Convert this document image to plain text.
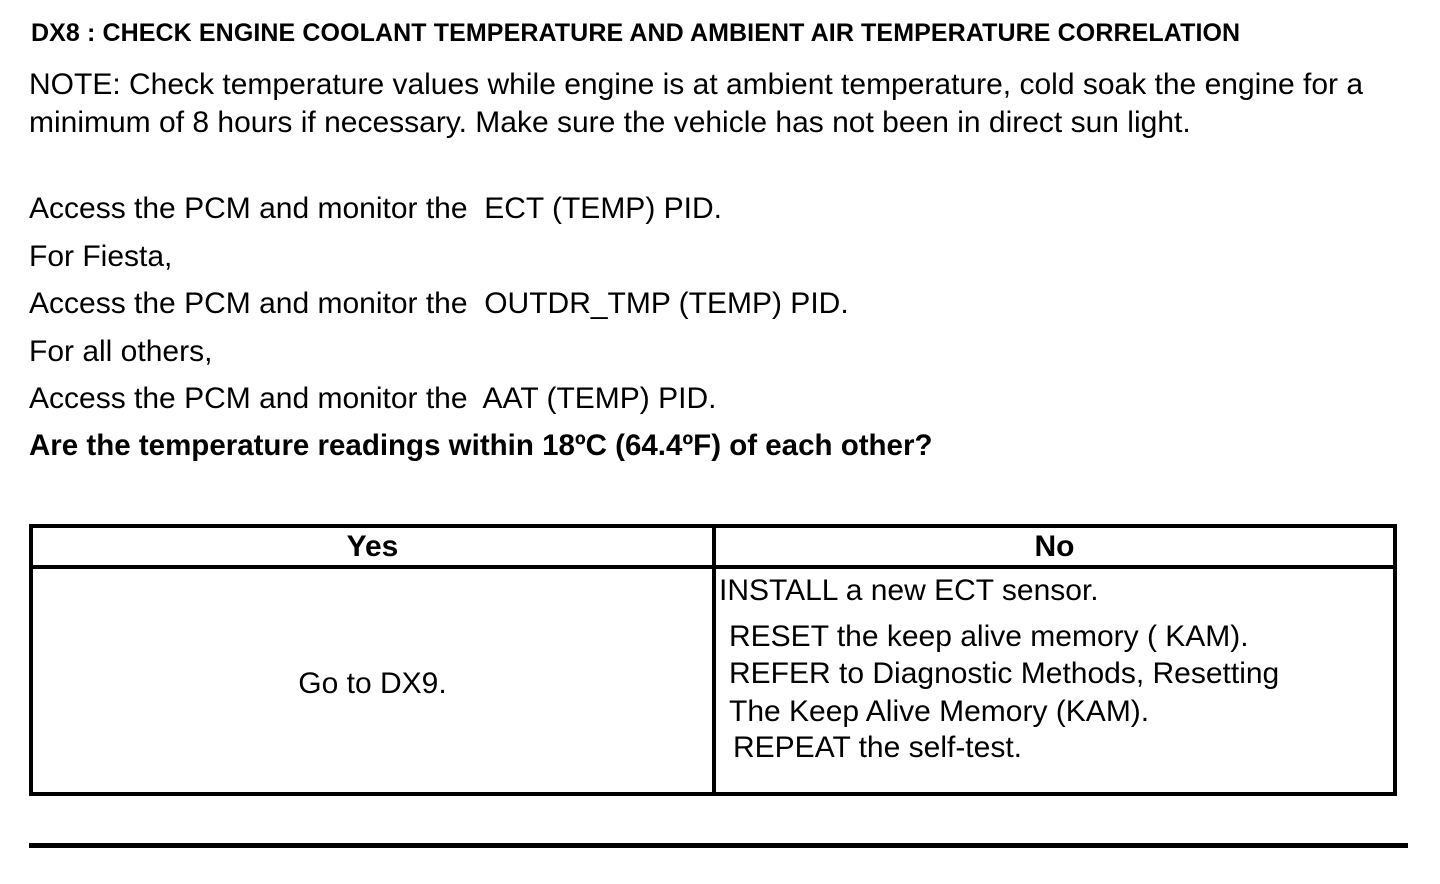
DX8 : CHECK ENGINE COOLANT TEMPERATURE AND AMBIENT AIR TEMPERATURE CORRELATION
NOTE: Check temperature values while engine is at ambient temperature, cold soak the engine for a minimum of 8 hours if necessary. Make sure the vehicle has not been in direct sun light.
Access the PCM and monitor the  ECT (TEMP) PID.
For Fiesta,
Access the PCM and monitor the  OUTDR_TMP (TEMP) PID.
For all others,
Access the PCM and monitor the  AAT (TEMP) PID.
Are the temperature readings within 18ºC (64.4ºF) of each other?
Yes	No
Go to DX9.
INSTALL a new ECT sensor.
RESET the keep alive memory ( KAM).
REFER to Diagnostic Methods, Resetting
The Keep Alive Memory (KAM).
REPEAT the self-test.
